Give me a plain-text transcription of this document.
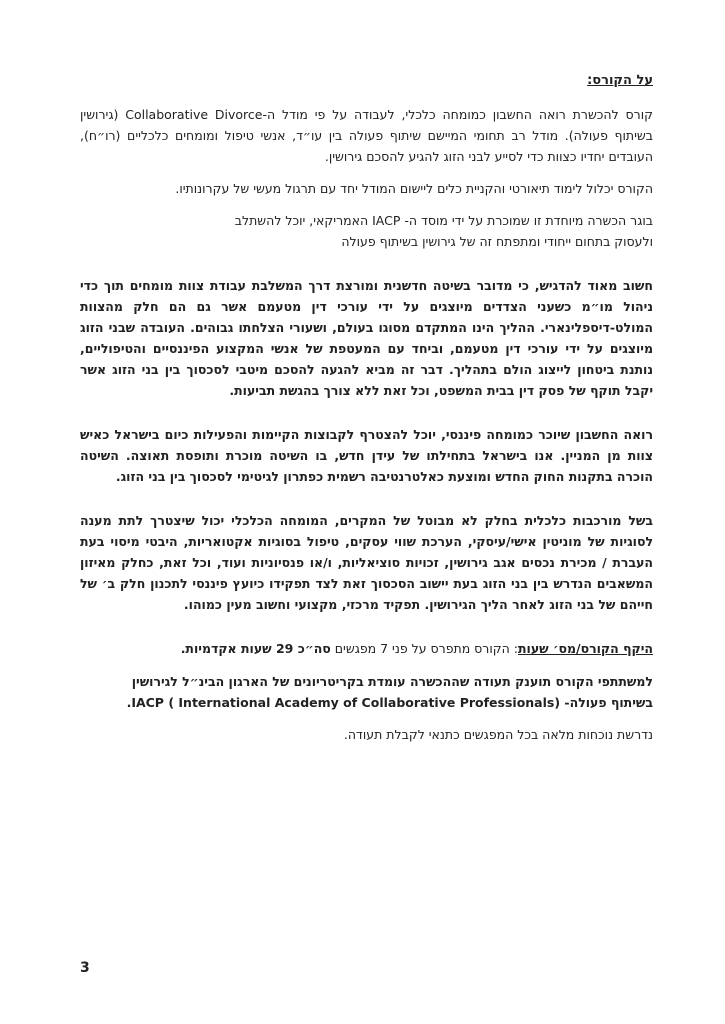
על הקורס:

קורס להכשרת רואה החשבון כמומחה כלכלי, לעבודה על פי מודל ה-Collaborative Divorce (גירושין בשיתוף פעולה). מודל רב תחומי המיישם שיתוף פעולה בין עו״ד, אנשי טיפול ומומחים כלכליים (רו״ח), העובדים יחדיו כצוות כדי לסייע לבני הזוג להגיע להסכם גירושין.

הקורס יכלול לימוד תיאורטי והקניית כלים ליישום המודל יחד עם תרגול מעשי של עקרונותיו.

בוגר הכשרה מיוחדת זו שמוכרת על ידי מוסד ה- IACP האמריקאי, יוכל להשתלב
ולעסוק בתחום ייחודי ומתפתח זה של גירושין בשיתוף פעולה

חשוב מאוד להדגיש, כי מדובר בשיטה חדשנית ומורצת דרך המשלבת עבודת צוות מומחים תוך כדי ניהול מו״מ כשעני הצדדים מיוצגים על ידי עורכי דין מטעמם אשר גם הם חלק מהצוות המולט-דיספלינארי. ההליך הינו המתקדם מסוגו בעולם, ושעורי הצלחתו גבוהים. העובדה שבני הזוג מיוצגים על ידי עורכי דין מטעמם, וביחד עם המעטפת של אנשי המקצוע הפיננסיים והטיפוליים, נותנת ביטחון לייצוג הולם בתהליך. דבר זה מביא להגעה להסכם מיטבי לסכסוך בין בני הזוג אשר יקבל תוקף של פסק דין בבית המשפט, וכל זאת ללא צורך בהגשת תביעות.

רואה החשבון שיוכר כמומחה פיננסי, יוכל להצטרף לקבוצות הקיימות והפעילות כיום בישראל כאיש צוות מן המניין. אנו בישראל בתחילתו של עידן חדש, בו השיטה מוכרת ותופסת תאוצה. השיטה הוכרה בתקנות החוק החדש ומוצעת כאלטרנטיבה רשמית כפתרון לגיטימי לסכסוך בין בני הזוג.

בשל מורכבות כלכלית בחלק לא מבוטל של המקרים, המומחה הכלכלי יכול שיצטרך לתת מענה לסוגיות של מוניטין אישי/עיסקי, הערכת שווי עסקים, טיפול בסוגיות אקטואריות, היבטי מיסוי בעת העברת / מכירת נכסים אגב גירושין, זכויות סוציאליות, ו/או פנסיוניות ועוד, וכל זאת, כחלק מאיזון המשאבים הנדרש בין בני הזוג בעת יישוב הסכסוך זאת לצד תפקידו כיועץ פיננסי לתכנון חלק ב׳ של חייהם של בני הזוג לאחר הליך הגירושין. תפקיד מרכזי, מקצועי וחשוב מעין כמוהו.

היקף הקורס/מס׳ שעות: הקורס מתפרס על פני 7 מפגשים סה״כ 29 שעות אקדמיות.

למשתתפי הקורס תוענק תעודה שההכשרה עומדת בקריטריונים של הארגון הבינ״ל לגירושין
בשיתוף פעולה- IACP ( International Academy of Collaborative Professionals).

נדרשת נוכחות מלאה בכל המפגשים כתנאי לקבלת תעודה.

3
